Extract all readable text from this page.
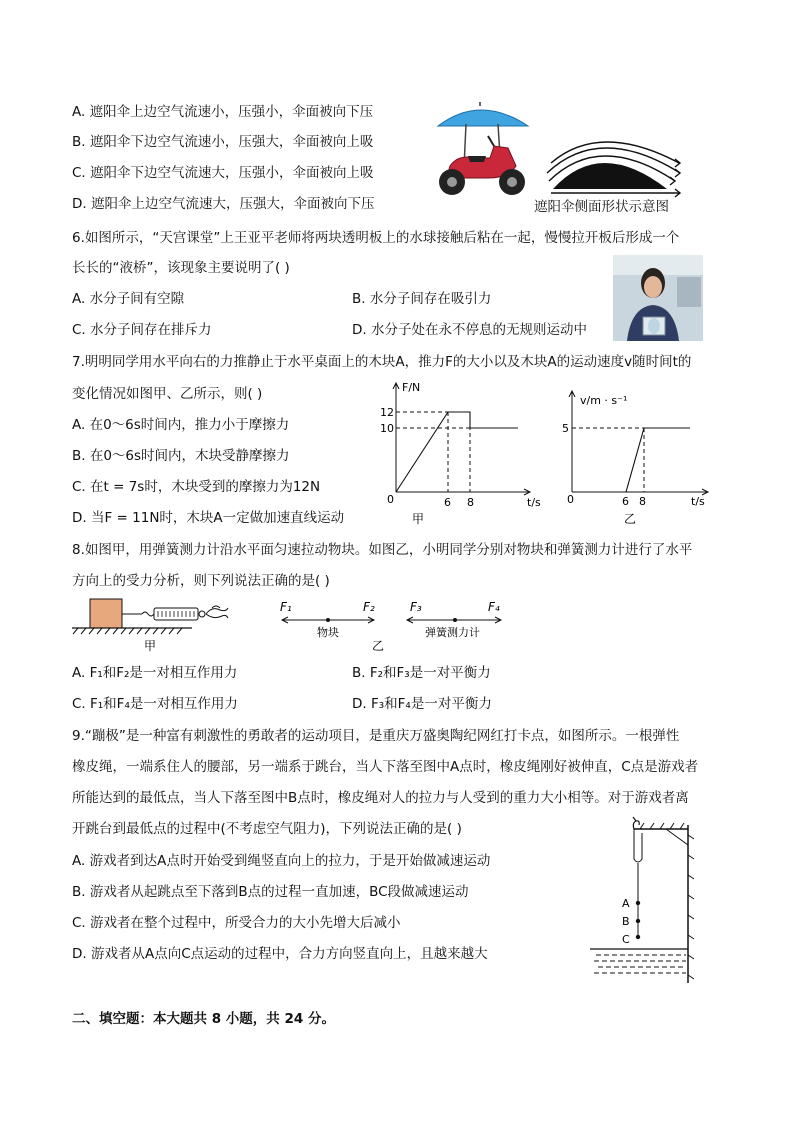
A. 遮阳伞上边空气流速小，压强小，伞面被向下压
B. 遮阳伞下边空气流速小，压强大，伞面被向上吸
C. 遮阳伞下边空气流速大，压强小，伞面被向上吸
D. 遮阳伞上边空气流速大，压强大，伞面被向下压	遮阳伞侧面形状示意图
6.如图所示，“天宫课堂”上王亚平老师将两块透明板上的水球接触后粘在一起，慢慢拉开板后形成一个
长长的“液桥”，该现象主要说明了( )
A. 水分子间有空隙	B. 水分子间存在吸引力
C. 水分子间存在排斥力	D. 水分子处在永不停息的无规则运动中
7.明明同学用水平向右的力推静止于水平桌面上的木块A，推力F的大小以及木块A的运动速度v随时间t的
变化情况如图甲、乙所示，则( )
A. 在0～6s时间内，推力小于摩擦力
B. 在0～6s时间内，木块受静摩擦力
C. 在t = 7s时，木块受到的摩擦力为12N
D. 当F = 11N时，木块A一定做加速直线运动
F/N
t/s
0
12
10
6 8
甲
v/m · s⁻¹
t/s
0
5
6 8
乙
8.如图甲，用弹簧测力计沿水平面匀速拉动物块。如图乙，小明同学分别对物块和弹簧测力计进行了水平
方向上的受力分析，则下列说法正确的是( )
甲
F₁	F₂
物块
F₃	F₄
弹簧测力计
乙
A. F₁和F₂是一对相互作用力	B. F₂和F₃是一对平衡力
C. F₁和F₄是一对相互作用力	D. F₃和F₄是一对平衡力
9.“蹦极”是一种富有刺激性的勇敢者的运动项目，是重庆万盛奥陶纪网红打卡点，如图所示。一根弹性
橡皮绳，一端系住人的腰部，另一端系于跳台，当人下落至图中A点时，橡皮绳刚好被伸直，C点是游戏者
所能达到的最低点，当人下落至图中B点时，橡皮绳对人的拉力与人受到的重力大小相等。对于游戏者离
开跳台到最低点的过程中(不考虑空气阻力)，下列说法正确的是( )
A. 游戏者到达A点时开始受到绳竖直向上的拉力，于是开始做减速运动
B. 游戏者从起跳点至下落到B点的过程一直加速，BC段做减速运动
C. 游戏者在整个过程中，所受合力的大小先增大后减小
D. 游戏者从A点向C点运动的过程中，合力方向竖直向上，且越来越大
A
B
C
二、填空题：本大题共 8 小题，共 24 分。
